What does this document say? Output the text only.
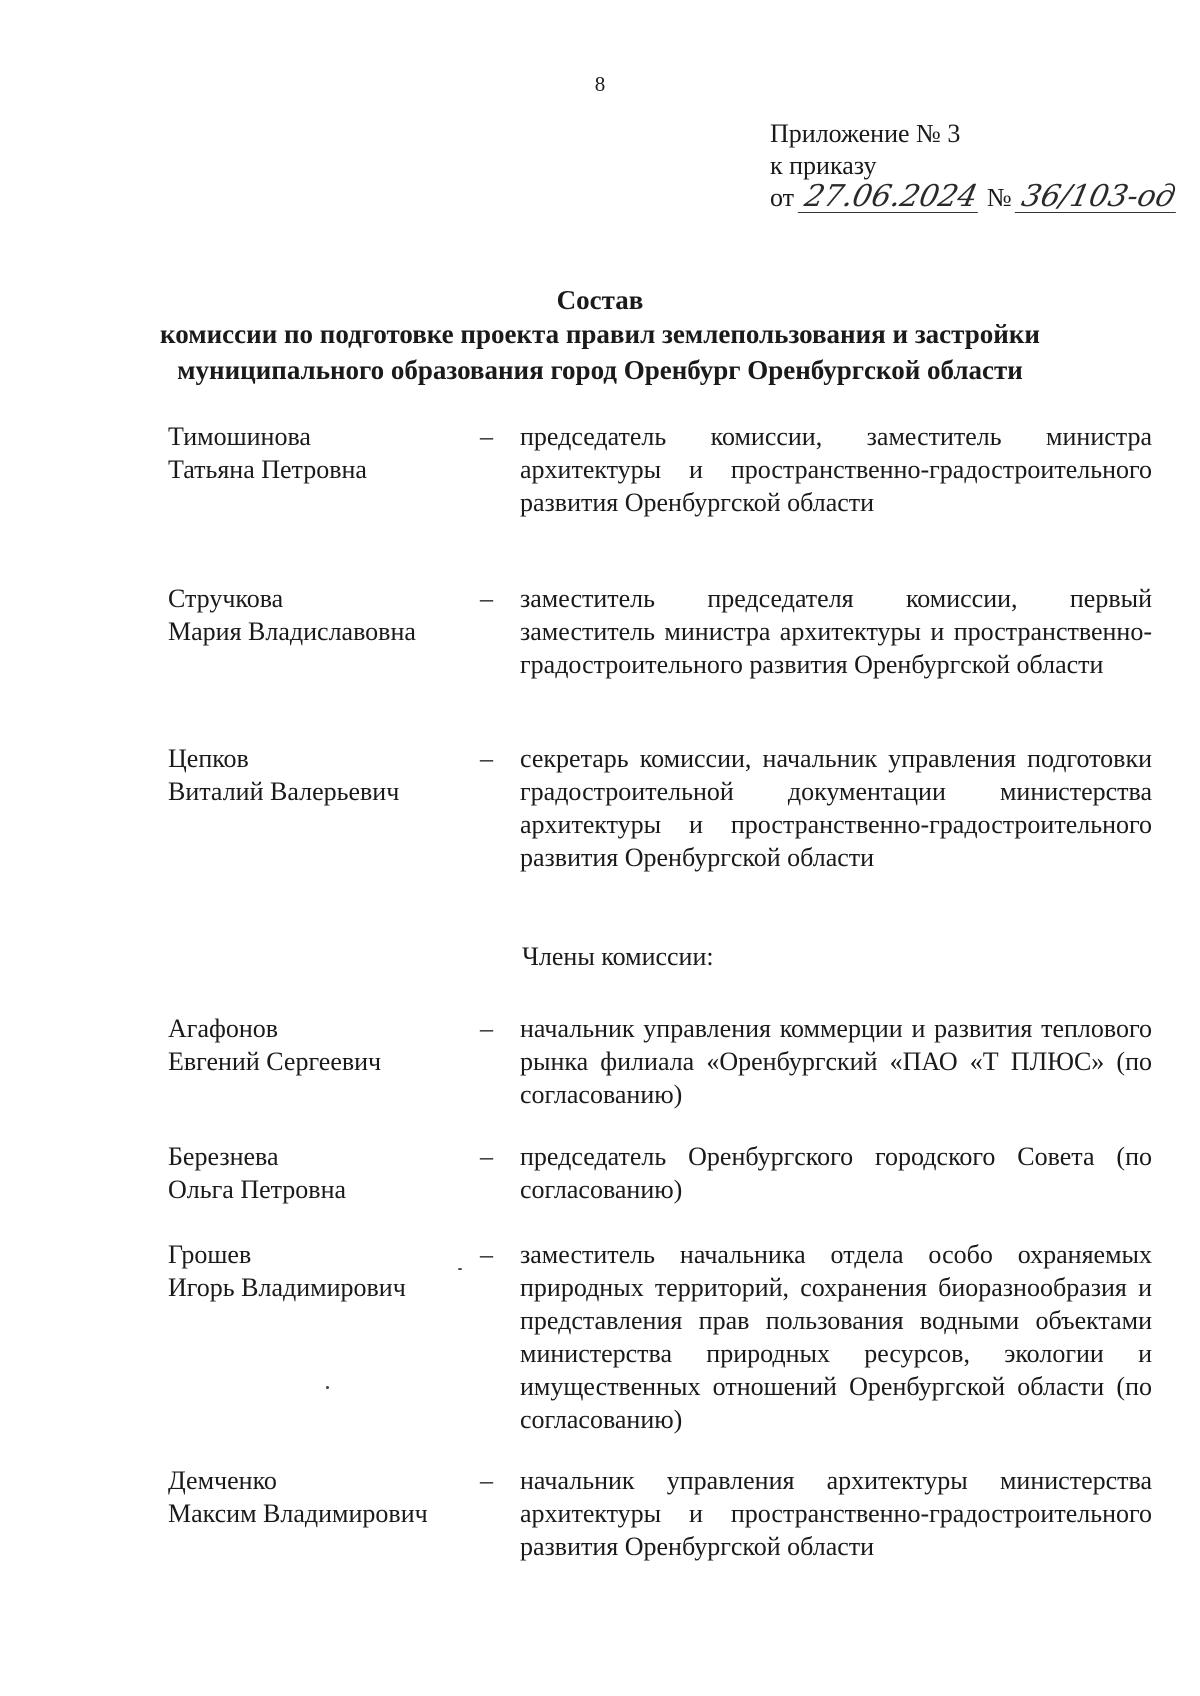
8
Приложение № 3
к приказу
от 27.06.2024 № 36/103-од
Состав
комиссии по подготовке проекта правил землепользования и застройки
муниципального образования город Оренбург Оренбургской области
Тимошинова
Татьяна Петровна
– председатель комиссии, заместитель министра архитектуры и пространственно-градостроительного развития Оренбургской области
Стручкова
Мария Владиславовна
– заместитель председателя комиссии, первый заместитель министра архитектуры и пространственно-градостроительного развития Оренбургской области
Цепков
Виталий Валерьевич
– секретарь комиссии, начальник управления подготовки градостроительной документации министерства архитектуры и пространственно-градостроительного развития Оренбургской области
Члены комиссии:
Агафонов
Евгений Сергеевич
– начальник управления коммерции и развития теплового рынка филиала «Оренбургский «ПАО «Т ПЛЮС» (по согласованию)
Березнева
Ольга Петровна
– председатель Оренбургского городского Совета (по согласованию)
Грошев
Игорь Владимирович
– заместитель начальника отдела особо охраняемых природных территорий, сохранения биоразнообразия и представления прав пользования водными объектами министерства природных ресурсов, экологии и имущественных отношений Оренбургской области (по согласованию)
Демченко
Максим Владимирович
– начальник управления архитектуры министерства архитектуры и пространственно-градостроительного развития Оренбургской области
